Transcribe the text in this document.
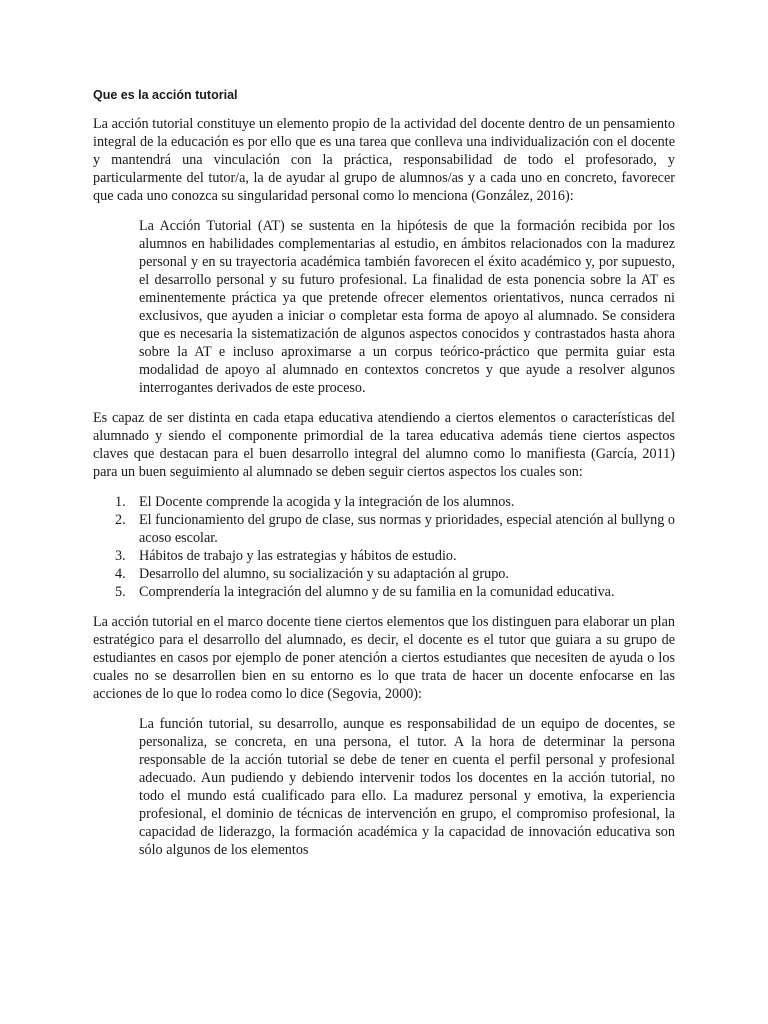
Que es la acción tutorial

La acción tutorial constituye un elemento propio de la actividad del docente dentro de un pensamiento integral de la educación es por ello que es una tarea que conlleva una individualización con el docente y mantendrá una vinculación con la práctica, responsabilidad de todo el profesorado, y particularmente del tutor/a, la de ayudar al grupo de alumnos/as y a cada uno en concreto, favorecer que cada uno conozca su singularidad personal como lo menciona (González, 2016):

La Acción Tutorial (AT) se sustenta en la hipótesis de que la formación recibida por los alumnos en habilidades complementarias al estudio, en ámbitos relacionados con la madurez personal y en su trayectoria académica también favorecen el éxito académico y, por supuesto, el desarrollo personal y su futuro profesional. La finalidad de esta ponencia sobre la AT es eminentemente práctica ya que pretende ofrecer elementos orientativos, nunca cerrados ni exclusivos, que ayuden a iniciar o completar esta forma de apoyo al alumnado. Se considera que es necesaria la sistematización de algunos aspectos conocidos y contrastados hasta ahora sobre la AT e incluso aproximarse a un corpus teórico-práctico que permita guiar esta modalidad de apoyo al alumnado en contextos concretos y que ayude a resolver algunos interrogantes derivados de este proceso.

Es capaz de ser distinta en cada etapa educativa atendiendo a ciertos elementos o características del alumnado y siendo el componente primordial de la tarea educativa además tiene ciertos aspectos claves que destacan para el buen desarrollo integral del alumno como lo manifiesta (García, 2011) para un buen seguimiento al alumnado se deben seguir ciertos aspectos los cuales son:

1. El Docente comprende la acogida y la integración de los alumnos.
2. El funcionamiento del grupo de clase, sus normas y prioridades, especial atención al bullyng o acoso escolar.
3. Hábitos de trabajo y las estrategias y hábitos de estudio.
4. Desarrollo del alumno, su socialización y su adaptación al grupo.
5. Comprendería la integración del alumno y de su familia en la comunidad educativa.

La acción tutorial en el marco docente tiene ciertos elementos que los distinguen para elaborar un plan estratégico para el desarrollo del alumnado, es decir, el docente es el tutor que guiara a su grupo de estudiantes en casos por ejemplo de poner atención a ciertos estudiantes que necesiten de ayuda o los cuales no se desarrollen bien en su entorno es lo que trata de hacer un docente enfocarse en las acciones de lo que lo rodea como lo dice (Segovia, 2000):

La función tutorial, su desarrollo, aunque es responsabilidad de un equipo de docentes, se personaliza, se concreta, en una persona, el tutor. A la hora de determinar la persona responsable de la acción tutorial se debe de tener en cuenta el perfil personal y profesional adecuado. Aun pudiendo y debiendo intervenir todos los docentes en la acción tutorial, no todo el mundo está cualificado para ello. La madurez personal y emotiva, la experiencia profesional, el dominio de técnicas de intervención en grupo, el compromiso profesional, la capacidad de liderazgo, la formación académica y la capacidad de innovación educativa son sólo algunos de los elementos
